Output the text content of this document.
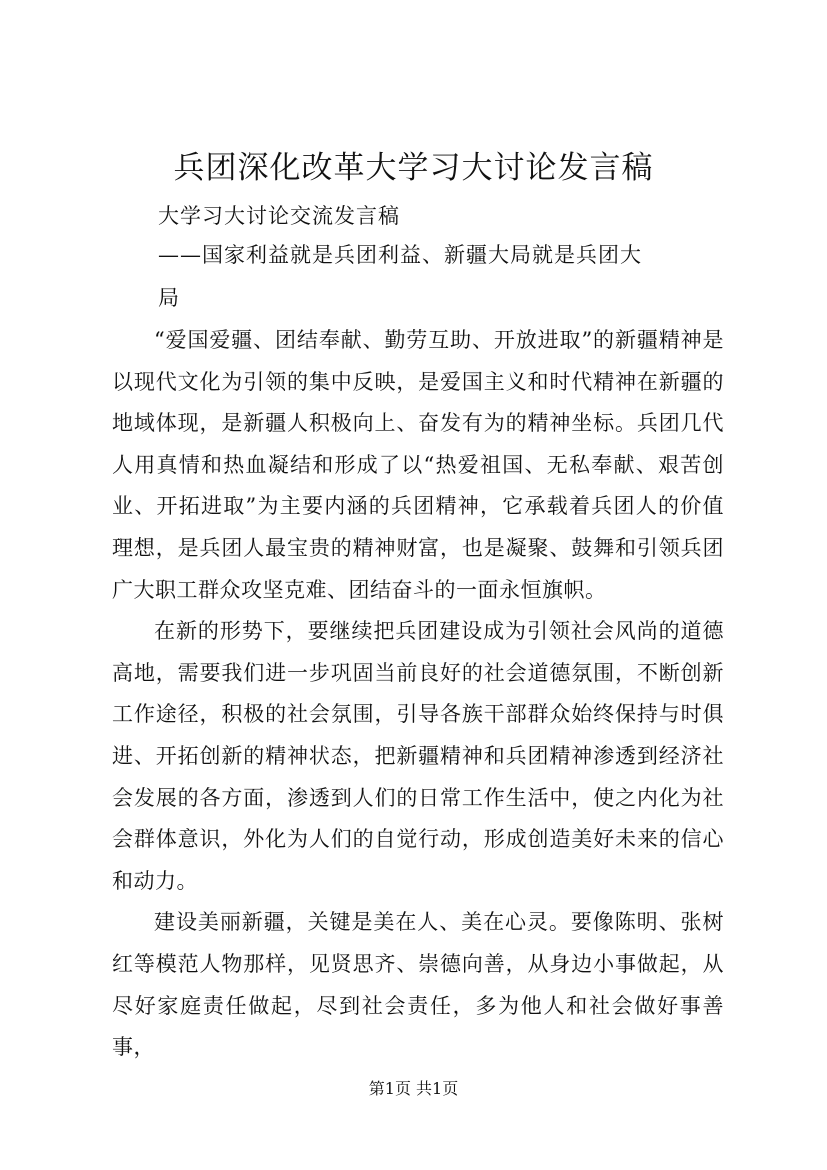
兵团深化改革大学习大讨论发言稿
大学习大讨论交流发言稿
——国家利益就是兵团利益、新疆大局就是兵团大
局

“爱国爱疆、团结奉献、勤劳互助、开放进取”的新疆精神是以现代文化为引领的集中反映，是爱国主义和时代精神在新疆的地域体现，是新疆人积极向上、奋发有为的精神坐标。兵团几代人用真情和热血凝结和形成了以“热爱祖国、无私奉献、艰苦创业、开拓进取”为主要内涵的兵团精神，它承载着兵团人的价值理想，是兵团人最宝贵的精神财富，也是凝聚、鼓舞和引领兵团广大职工群众攻坚克难、团结奋斗的一面永恒旗帜。

在新的形势下，要继续把兵团建设成为引领社会风尚的道德高地，需要我们进一步巩固当前良好的社会道德氛围，不断创新工作途径，积极的社会氛围，引导各族干部群众始终保持与时俱进、开拓创新的精神状态，把新疆精神和兵团精神渗透到经济社会发展的各方面，渗透到人们的日常工作生活中，使之内化为社会群体意识，外化为人们的自觉行动，形成创造美好未来的信心和动力。

建设美丽新疆，关键是美在人、美在心灵。要像陈明、张树红等模范人物那样，见贤思齐、崇德向善，从身边小事做起，从尽好家庭责任做起，尽到社会责任，多为他人和社会做好事善事，

第1页 共1页
